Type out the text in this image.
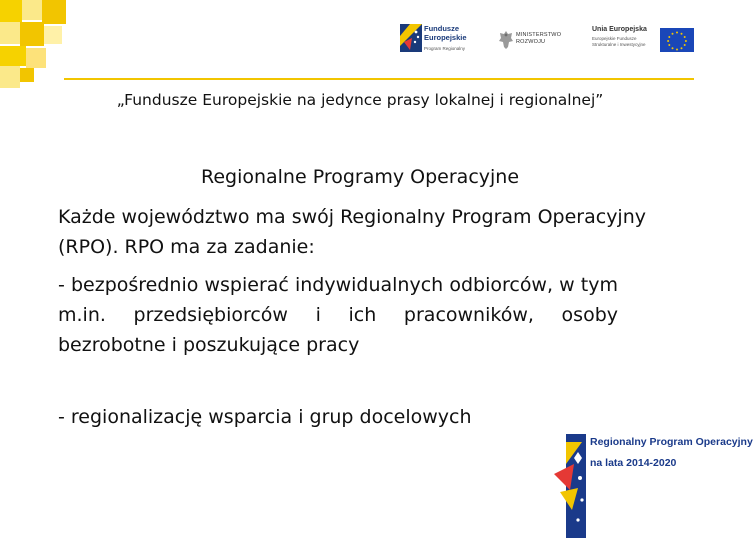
Fundusze Europejskie
Program Regionalny
MINISTERSTWO ROZWOJU
Unia Europejska
Europejskie Fundusze Strukturalne i Inwestycyjne
„Fundusze Europejskie na jedynce prasy lokalnej i regionalnej”
Regionalne Programy Operacyjne
Każde województwo ma swój Regionalny Program Operacyjny (RPO). RPO ma za zadanie:
- bezpośrednio wspierać indywidualnych odbiorców, w tym m.in. przedsiębiorców i ich pracowników, osoby bezrobotne i poszukujące pracy
- regionalizację wsparcia i grup docelowych
Regionalny Program Operacyjny
na lata 2014-2020
